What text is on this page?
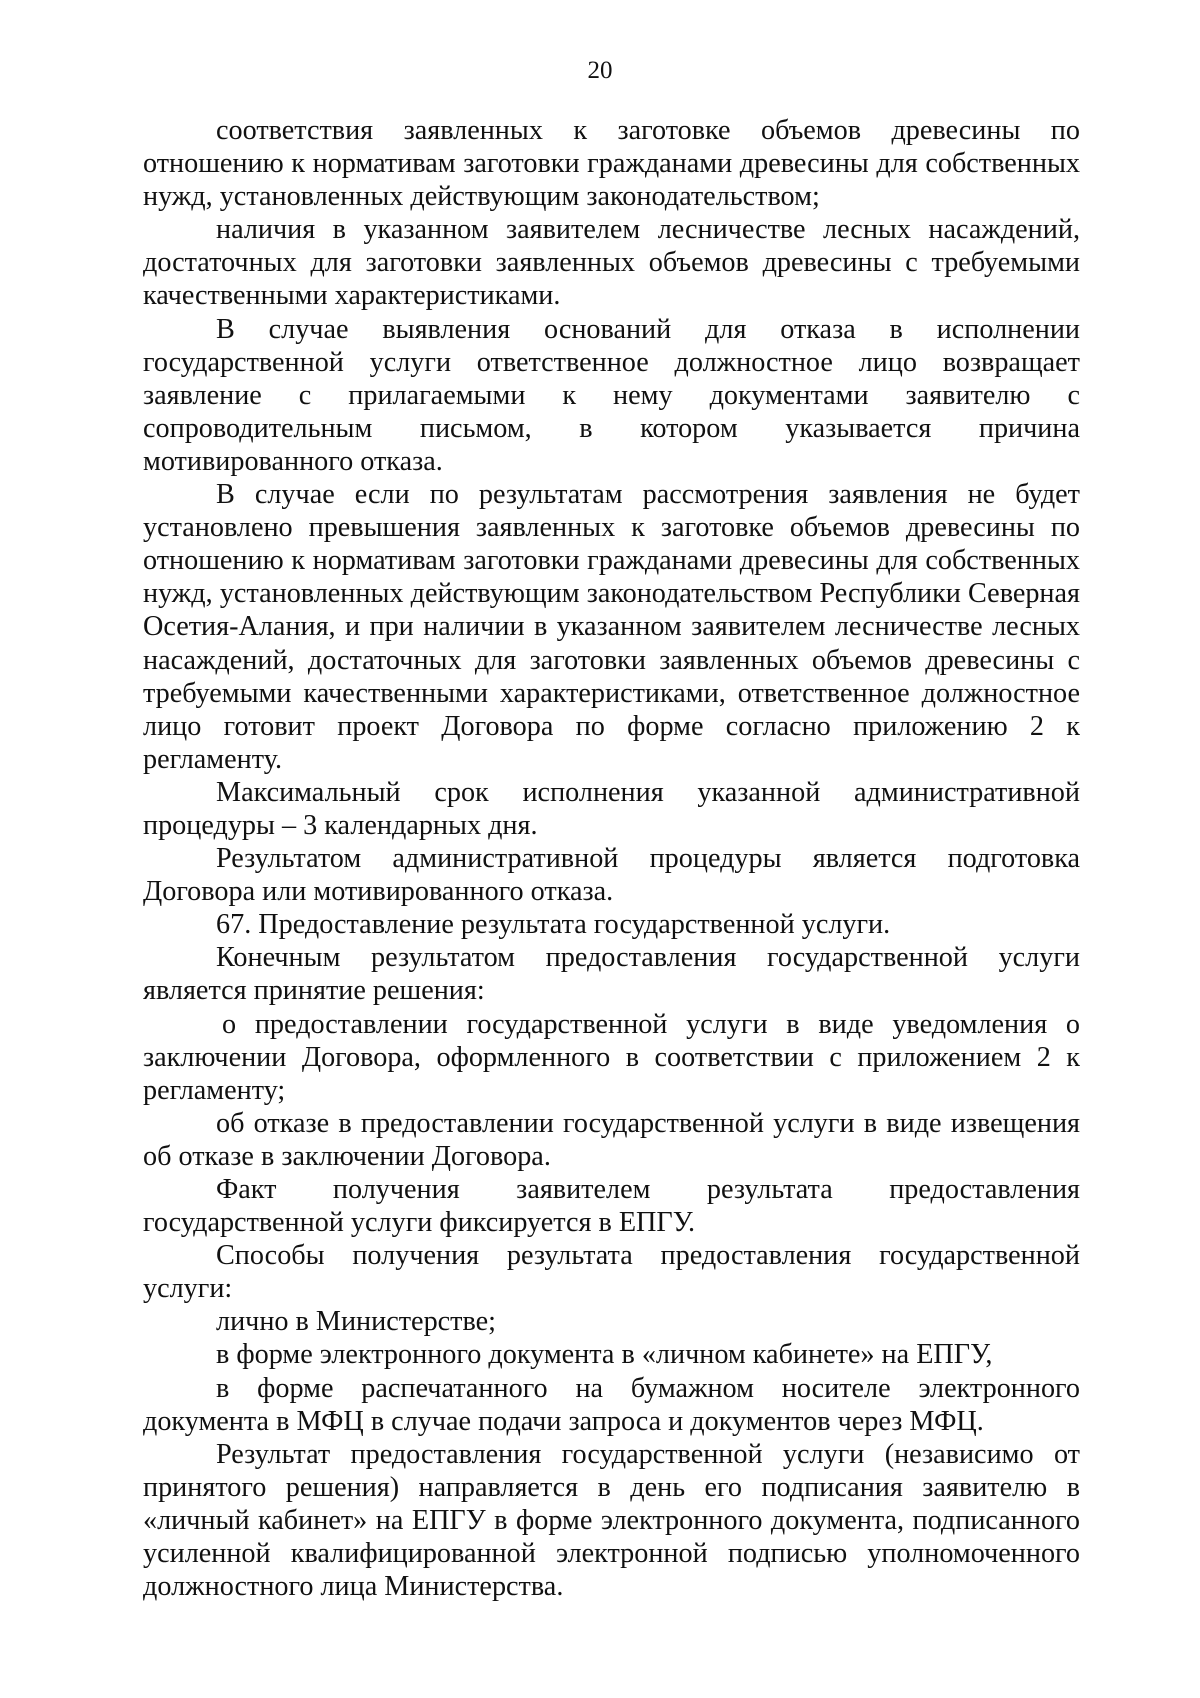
20

соответствия заявленных к заготовке объемов древесины по отношению к нормативам заготовки гражданами древесины для собственных нужд, установленных действующим законодательством;

наличия в указанном заявителем лесничестве лесных насаждений, достаточных для заготовки заявленных объемов древесины с требуемыми качественными характеристиками.

В случае выявления оснований для отказа в исполнении государственной услуги ответственное должностное лицо возвращает заявление с прилагаемыми к нему документами заявителю с сопроводительным письмом, в котором указывается причина мотивированного отказа.

В случае если по результатам рассмотрения заявления не будет установлено превышения заявленных к заготовке объемов древесины по отношению к нормативам заготовки гражданами древесины для собственных нужд, установленных действующим законодательством Республики Северная Осетия-Алания, и при наличии в указанном заявителем лесничестве лесных насаждений, достаточных для заготовки заявленных объемов древесины с требуемыми качественными характеристиками, ответственное должностное лицо готовит проект Договора по форме согласно приложению 2 к регламенту.

Максимальный срок исполнения указанной административной процедуры – 3 календарных дня.

Результатом административной процедуры является подготовка Договора или мотивированного отказа.

67. Предоставление результата государственной услуги.

Конечным результатом предоставления государственной услуги является принятие решения:

о предоставлении государственной услуги в виде уведомления о заключении Договора, оформленного в соответствии с приложением 2 к регламенту;

об отказе в предоставлении государственной услуги в виде извещения об отказе в заключении Договора.

Факт получения заявителем результата предоставления государственной услуги фиксируется в ЕПГУ.

Способы получения результата предоставления государственной услуги:

лично в Министерстве;

в форме электронного документа в «личном кабинете» на ЕПГУ,

в форме распечатанного на бумажном носителе электронного документа в МФЦ в случае подачи запроса и документов через МФЦ.

Результат предоставления государственной услуги (независимо от принятого решения) направляется в день его подписания заявителю в «личный кабинет» на ЕПГУ в форме электронного документа, подписанного усиленной квалифицированной электронной подписью уполномоченного должностного лица Министерства.
